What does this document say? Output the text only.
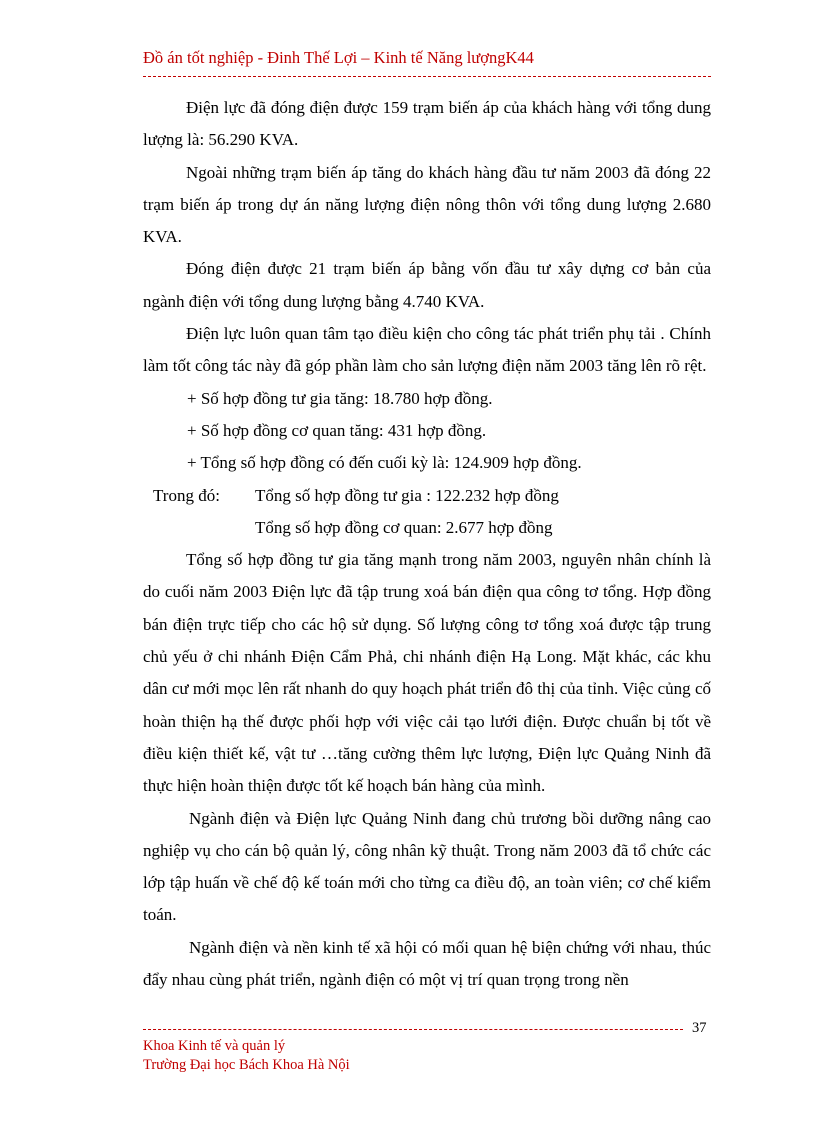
Đồ án tốt nghiệp - Đinh Thế Lợi – Kinh tế Năng lượngK44

Điện lực đã đóng điện được 159 trạm biến áp của khách hàng với tổng dung lượng là: 56.290 KVA.

Ngoài những trạm biến áp tăng do khách hàng đầu tư năm 2003 đã đóng 22 trạm biến áp trong dự án năng lượng điện nông thôn với tổng dung lượng 2.680 KVA.

Đóng điện được 21 trạm biến áp bằng vốn đầu tư xây dựng cơ bản của ngành điện với tổng dung lượng bằng 4.740 KVA.

Điện lực luôn quan tâm tạo điều kiện cho công tác phát triển phụ tải . Chính làm tốt công tác này đã góp phần làm cho sản lượng điện năm 2003 tăng lên rõ rệt.

+ Số hợp đồng tư gia tăng: 18.780 hợp đồng.

+ Số hợp đồng cơ quan tăng: 431 hợp đồng.

+ Tổng số hợp đồng có đến cuối kỳ là: 124.909 hợp đồng.

Trong đó:	Tổng số hợp đồng tư gia : 122.232 hợp đồng
Tổng số hợp đồng cơ quan: 2.677 hợp đồng

Tổng số hợp đồng tư gia tăng mạnh trong năm 2003, nguyên nhân chính là do cuối năm 2003 Điện lực đã tập trung xoá bán điện qua công tơ tổng. Hợp đồng bán điện trực tiếp cho các hộ sử dụng. Số lượng công tơ tổng xoá được tập trung chủ yếu ở chi nhánh Điện Cẩm Phả, chi nhánh điện Hạ Long. Mặt khác, các khu dân cư mới mọc lên rất nhanh do quy hoạch phát triển đô thị của tỉnh. Việc củng cố hoàn thiện hạ thế được phối hợp với việc cải tạo lưới điện. Được chuẩn bị tốt về điều kiện thiết kế, vật tư …tăng cường thêm lực lượng, Điện lực Quảng Ninh đã thực hiện hoàn thiện được tốt kế hoạch bán hàng của mình.

Ngành điện và Điện lực Quảng Ninh đang chủ trương bồi dưỡng nâng cao nghiệp vụ cho cán bộ quản lý, công nhân kỹ thuật. Trong năm 2003 đã tổ chức các lớp tập huấn về chế độ kế toán mới cho từng ca điều độ, an toàn viên; cơ chế kiểm toán.

Ngành điện và nền kinh tế xã hội có mối quan hệ biện chứng với nhau, thúc đẩy nhau cùng phát triển, ngành điện có một vị trí quan trọng trong nền

37
Khoa Kinh tế và quản lý
Trường Đại học Bách Khoa Hà Nội
